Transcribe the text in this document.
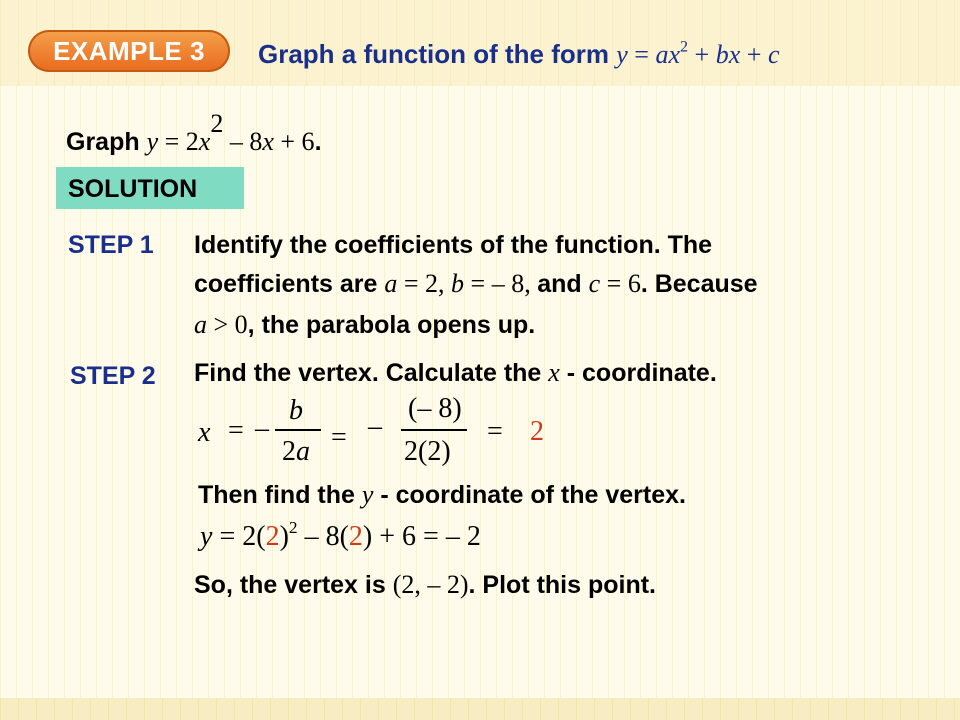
EXAMPLE 3	Graph a function of the form $y = ax^2$ + bx + c
Graph $y = 2x^2 - 8x + 6$.
SOLUTION
STEP 1 Identify the coefficients of the function. The
coefficients are a = 2, b = – 8, and c = 6. Because
a > 0, the parabola opens up.
STEP 2 Find the vertex. Calculate the x - coordinate.
x = –
b
2a = –
(– 8)
2(2)
= 2
Then find the y - coordinate of the vertex.
$y = 2(2)^2 - 8(2) + 6$ = – 2
So, the vertex is (2, – 2). Plot this point.
